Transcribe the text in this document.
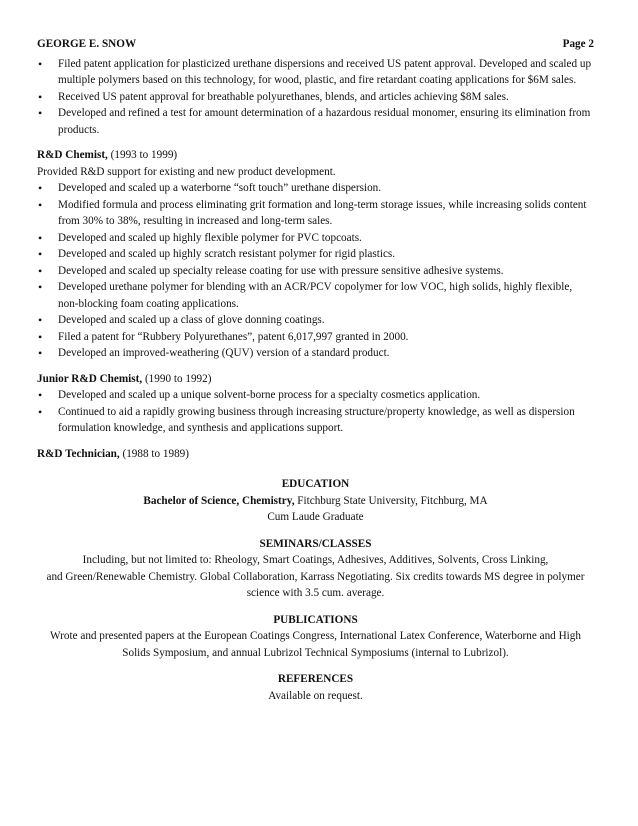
GEORGE E. SNOW	Page 2
• Filed patent application for plasticized urethane dispersions and received US patent approval. Developed and scaled up multiple polymers based on this technology, for wood, plastic, and fire retardant coating applications for $6M sales.
• Received US patent approval for breathable polyurethanes, blends, and articles achieving $8M sales.
• Developed and refined a test for amount determination of a hazardous residual monomer, ensuring its elimination from products.
R&D Chemist, (1993 to 1999)
Provided R&D support for existing and new product development.
• Developed and scaled up a waterborne “soft touch” urethane dispersion.
• Modified formula and process eliminating grit formation and long-term storage issues, while increasing solids content from 30% to 38%, resulting in increased and long-term sales.
• Developed and scaled up highly flexible polymer for PVC topcoats.
• Developed and scaled up highly scratch resistant polymer for rigid plastics.
• Developed and scaled up specialty release coating for use with pressure sensitive adhesive systems.
• Developed urethane polymer for blending with an ACR/PCV copolymer for low VOC, high solids, highly flexible, non-blocking foam coating applications.
• Developed and scaled up a class of glove donning coatings.
• Filed a patent for “Rubbery Polyurethanes”, patent 6,017,997 granted in 2000.
• Developed an improved-weathering (QUV) version of a standard product.
Junior R&D Chemist, (1990 to 1992)
• Developed and scaled up a unique solvent-borne process for a specialty cosmetics application.
• Continued to aid a rapidly growing business through increasing structure/property knowledge, as well as dispersion formulation knowledge, and synthesis and applications support.
R&D Technician, (1988 to 1989)
EDUCATION
Bachelor of Science, Chemistry, Fitchburg State University, Fitchburg, MA
Cum Laude Graduate
SEMINARS/CLASSES
Including, but not limited to: Rheology, Smart Coatings, Adhesives, Additives, Solvents, Cross Linking,
and Green/Renewable Chemistry. Global Collaboration, Karrass Negotiating. Six credits towards MS degree in polymer science with 3.5 cum. average.
PUBLICATIONS
Wrote and presented papers at the European Coatings Congress, International Latex Conference, Waterborne and High Solids Symposium, and annual Lubrizol Technical Symposiums (internal to Lubrizol).
REFERENCES
Available on request.
